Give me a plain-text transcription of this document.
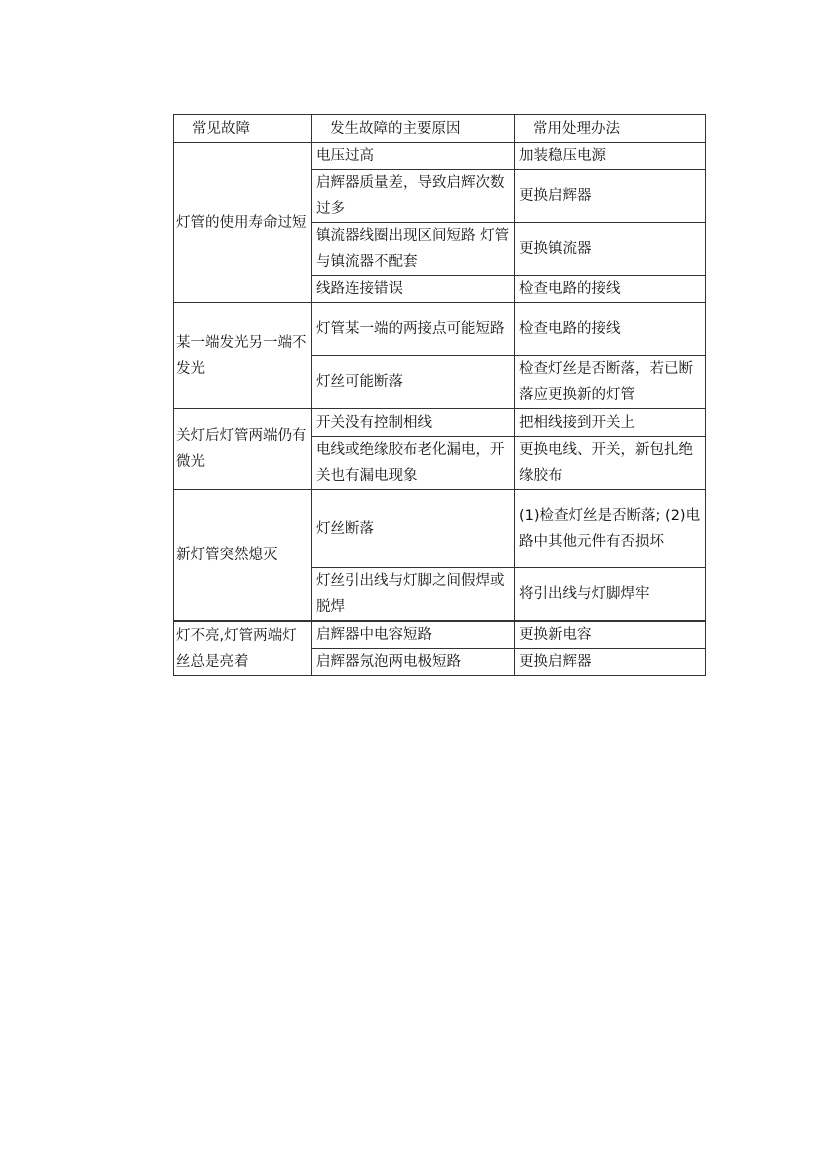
常见故障	发生故障的主要原因	常用处理办法
灯管的使用寿命过短	电压过高	加装稳压电源
	启辉器质量差，导致启辉次数过多	更换启辉器
	镇流器线圈出现区间短路 灯管与镇流器不配套	更换镇流器
	线路连接错误	检查电路的接线
某一端发光另一端不发光	灯管某一端的两接点可能短路	检查电路的接线
	灯丝可能断落	检查灯丝是否断落，若已断落应更换新的灯管
关灯后灯管两端仍有微光	开关没有控制相线	把相线接到开关上
	电线或绝缘胶布老化漏电，开关也有漏电现象	更换电线、开关，新包扎绝缘胶布
新灯管突然熄灭	灯丝断落	(1)检查灯丝是否断落; (2)电路中其他元件有否损坏
	灯丝引出线与灯脚之间假焊或脱焊	将引出线与灯脚焊牢
灯不亮,灯管两端灯丝总是亮着	启辉器中电容短路	更换新电容
	启辉器氖泡两电极短路	更换启辉器
